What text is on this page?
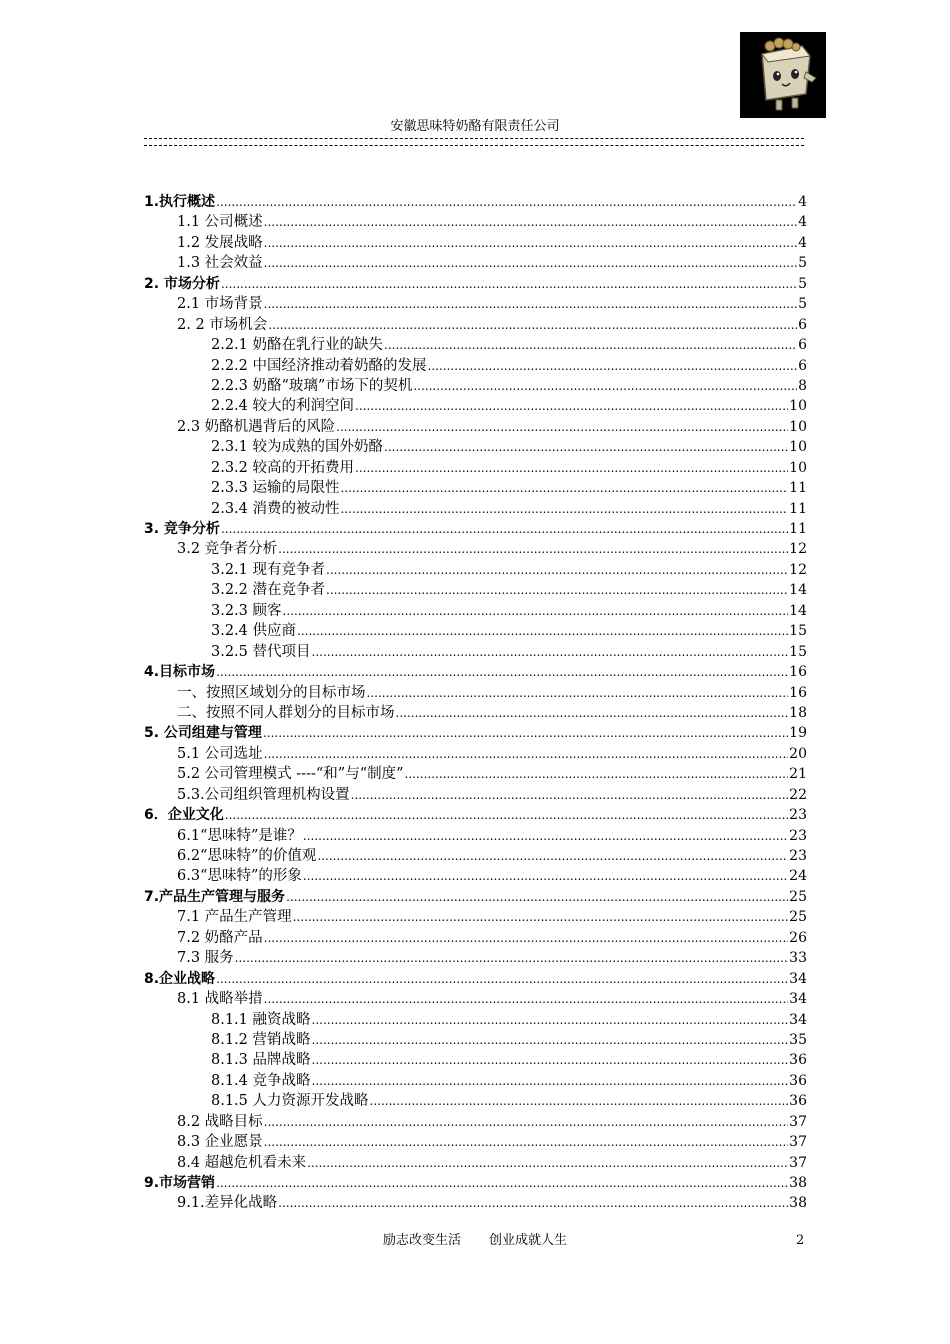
安徽思味特奶酪有限责任公司
1.执行概述 .....	4
1.1 公司概述 .....	4
1.2 发展战略 .....	4
1.3 社会效益 .....	5
2. 市场分析 .....	5
2.1 市场背景 .....	5
2. 2 市场机会 .....	6
2.2.1 奶酪在乳行业的缺失 .....	6
2.2.2 中国经济推动着奶酪的发展 .....	6
2.2.3 奶酪“玻璃”市场下的契机 .....	8
2.2.4 较大的利润空间 .....	10
2.3 奶酪机遇背后的风险 .....	10
2.3.1 较为成熟的国外奶酪 .....	10
2.3.2 较高的开拓费用 .....	10
2.3.3 运输的局限性 .....	11
2.3.4 消费的被动性 .....	11
3. 竞争分析 .....	11
3.2 竞争者分析 .....	12
3.2.1 现有竞争者 .....	12
3.2.2 潜在竞争者 .....	14
3.2.3 顾客 .....	14
3.2.4 供应商 .....	15
3.2.5 替代项目 .....	15
4.目标市场 .....	16
一、按照区域划分的目标市场 .....	16
二、按照不同人群划分的目标市场 .....	18
5. 公司组建与管理 .....	19
5.1 公司选址 .....	20
5.2 公司管理模式 ----“和”与“制度” .....	21
5.3.公司组织管理机构设置 .....	22
6．企业文化 .....	23
6.1“思味特”是谁？ .....	23
6.2“思味特”的价值观 .....	23
6.3“思味特”的形象 .....	24
7.产品生产管理与服务 .....	25
7.1 产品生产管理 .....	25
7.2 奶酪产品 .....	26
7.3 服务 .....	33
8.企业战略 .....	34
8.1 战略举措 .....	34
8.1.1 融资战略 .....	34
8.1.2 营销战略 .....	35
8.1.3 品牌战略 .....	36
8.1.4 竞争战略 .....	36
8.1.5 人力资源开发战略 .....	36
8.2 战略目标 .....	37
8.3 企业愿景 .....	37
8.4 超越危机看未来 .....	37
9.市场营销 .....	38
9.1.差异化战略 .....	38
励志改变生活 创业成就人生	2
